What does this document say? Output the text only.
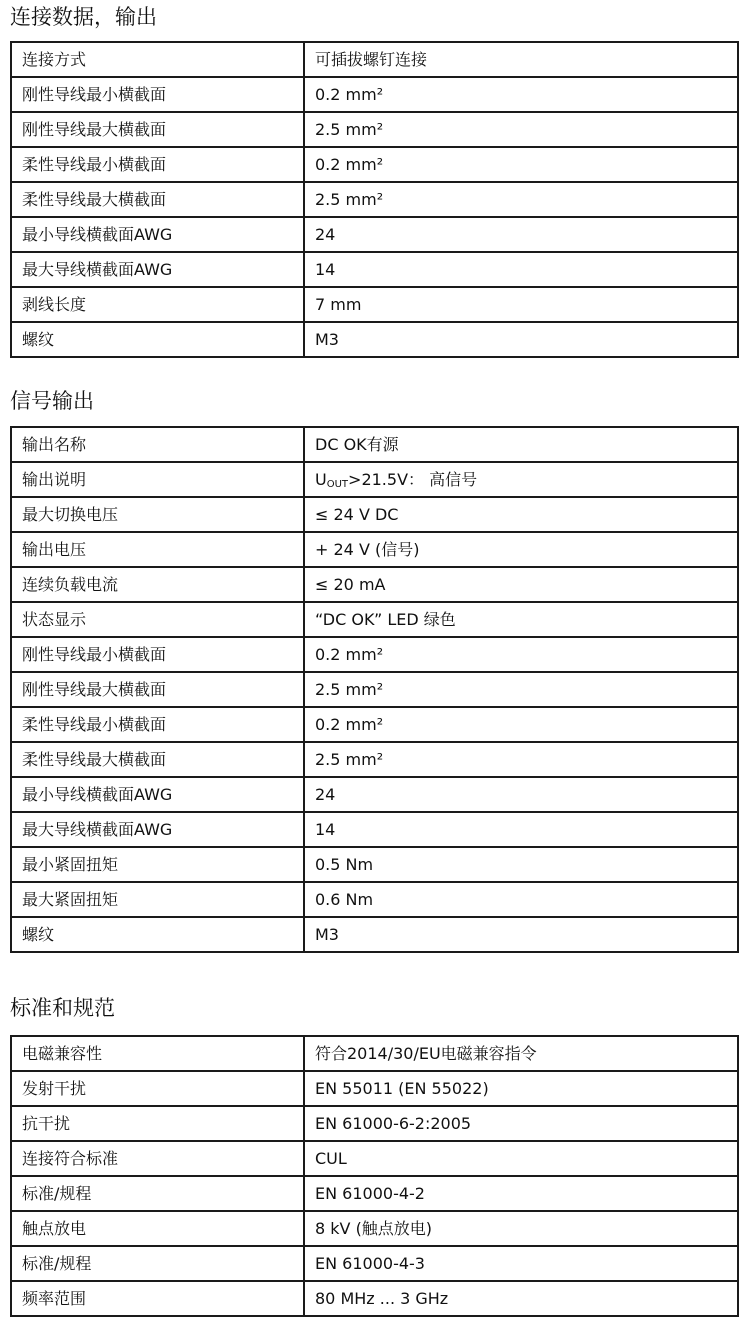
连接数据，输出
连接方式	可插拔螺钉连接
刚性导线最小横截面	0.2 mm²
刚性导线最大横截面	2.5 mm²
柔性导线最小横截面	0.2 mm²
柔性导线最大横截面	2.5 mm²
最小导线横截面AWG	24
最大导线横截面AWG	14
剥线长度	7 mm
螺纹	M3
信号输出
输出名称	DC OK有源
输出说明	$U_{OUT}>21.5V$： 高信号
最大切换电压	≤ 24 V DC
输出电压	+ 24 V (信号)
连续负载电流	≤ 20 mA
状态显示	“DC OK” LED 绿色
刚性导线最小横截面	0.2 mm²
刚性导线最大横截面	2.5 mm²
柔性导线最小横截面	0.2 mm²
柔性导线最大横截面	2.5 mm²
最小导线横截面AWG	24
最大导线横截面AWG	14
最小紧固扭矩	0.5 Nm
最大紧固扭矩	0.6 Nm
螺纹	M3
标准和规范
电磁兼容性	符合2014/30/EU电磁兼容指令
发射干扰	EN 55011 (EN 55022)
抗干扰	EN 61000-6-2:2005
连接符合标准	CUL
标准/规程	EN 61000-4-2
触点放电	8 kV (触点放电)
标准/规程	EN 61000-4-3
频率范围	80 MHz ... 3 GHz
